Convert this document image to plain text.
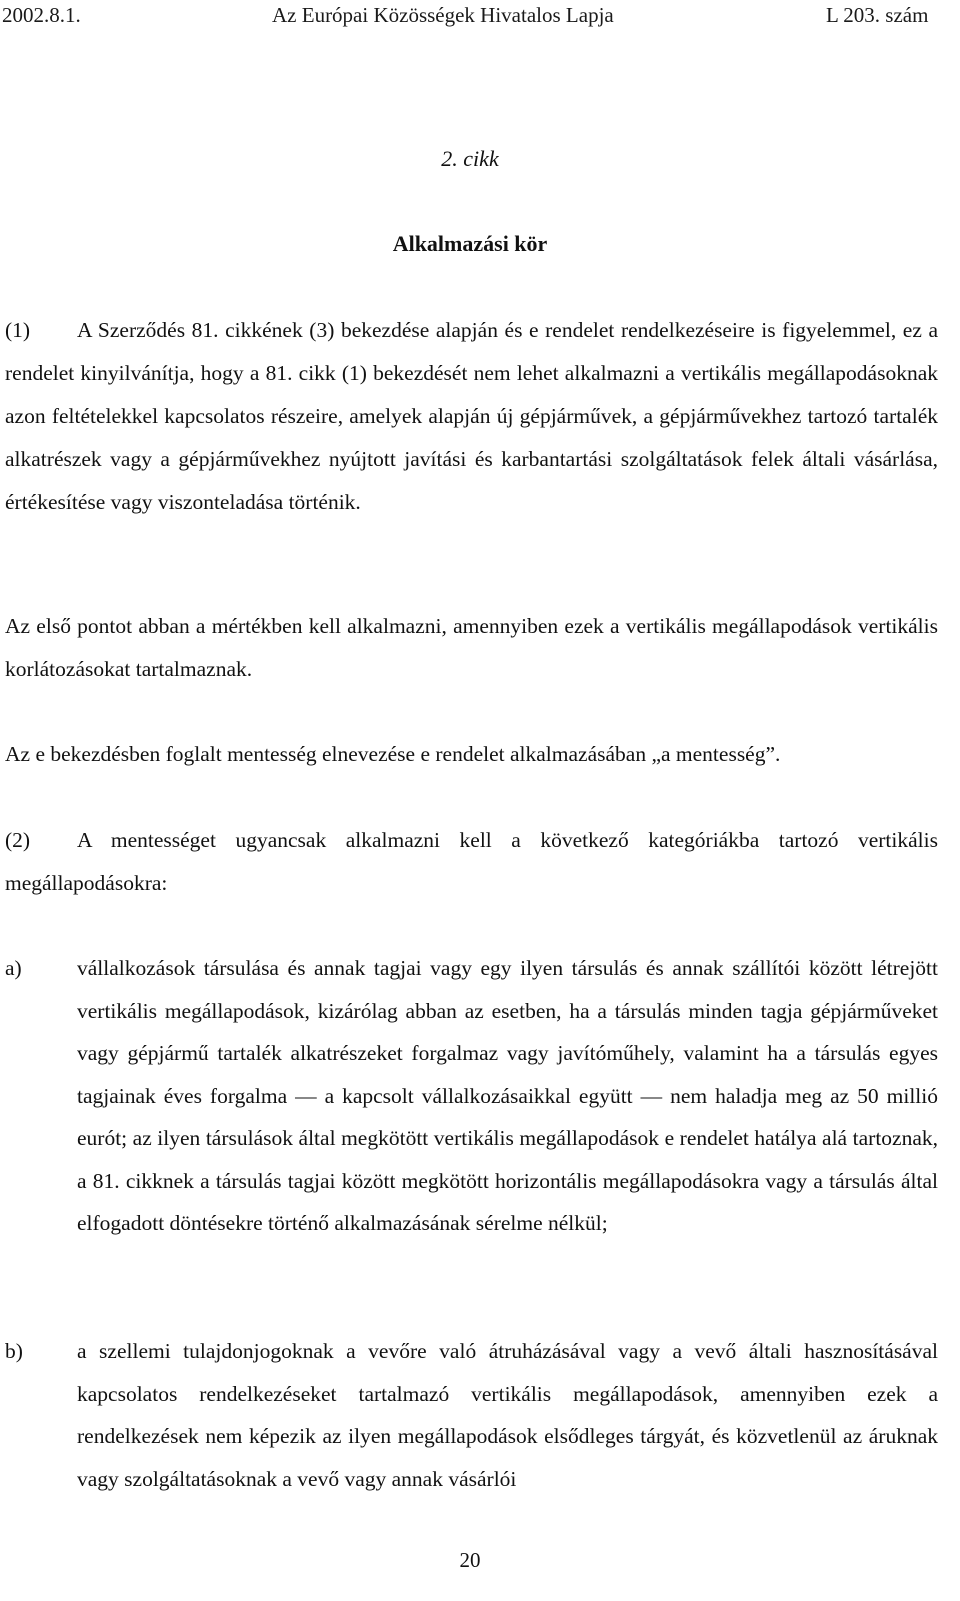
2002.8.1.	Az Európai Közösségek Hivatalos Lapja	L 203. szám
2. cikk
Alkalmazási kör
(1) A Szerződés 81. cikkének (3) bekezdése alapján és e rendelet rendelkezéseire is figyelemmel, ez a rendelet kinyilvánítja, hogy a 81. cikk (1) bekezdését nem lehet alkalmazni a vertikális megállapodásoknak azon feltételekkel kapcsolatos részeire, amelyek alapján új gépjárművek, a gépjárművekhez tartozó tartalék alkatrészek vagy a gépjárművekhez nyújtott javítási és karbantartási szolgáltatások felek általi vásárlása, értékesítése vagy viszonteladása történik.
Az első pontot abban a mértékben kell alkalmazni, amennyiben ezek a vertikális megállapodások vertikális korlátozásokat tartalmaznak.
Az e bekezdésben foglalt mentesség elnevezése e rendelet alkalmazásában „a mentesség”.
(2) A mentességet ugyancsak alkalmazni kell a következő kategóriákba tartozó vertikális megállapodásokra:
a)	vállalkozások társulása és annak tagjai vagy egy ilyen társulás és annak szállítói között létrejött vertikális megállapodások, kizárólag abban az esetben, ha a társulás minden tagja gépjárműveket vagy gépjármű tartalék alkatrészeket forgalmaz vagy javítóműhely, valamint ha a társulás egyes tagjainak éves forgalma — a kapcsolt vállalkozásaikkal együtt — nem haladja meg az 50 millió eurót; az ilyen társulások által megkötött vertikális megállapodások e rendelet hatálya alá tartoznak, a 81. cikknek a társulás tagjai között megkötött horizontális megállapodásokra vagy a társulás által elfogadott döntésekre történő alkalmazásának sérelme nélkül;
b)	a szellemi tulajdonjogoknak a vevőre való átruházásával vagy a vevő általi hasznosításával kapcsolatos rendelkezéseket tartalmazó vertikális megállapodások, amennyiben ezek a rendelkezések nem képezik az ilyen megállapodások elsődleges tárgyát, és közvetlenül az áruknak vagy szolgáltatásoknak a vevő vagy annak vásárlói
20
